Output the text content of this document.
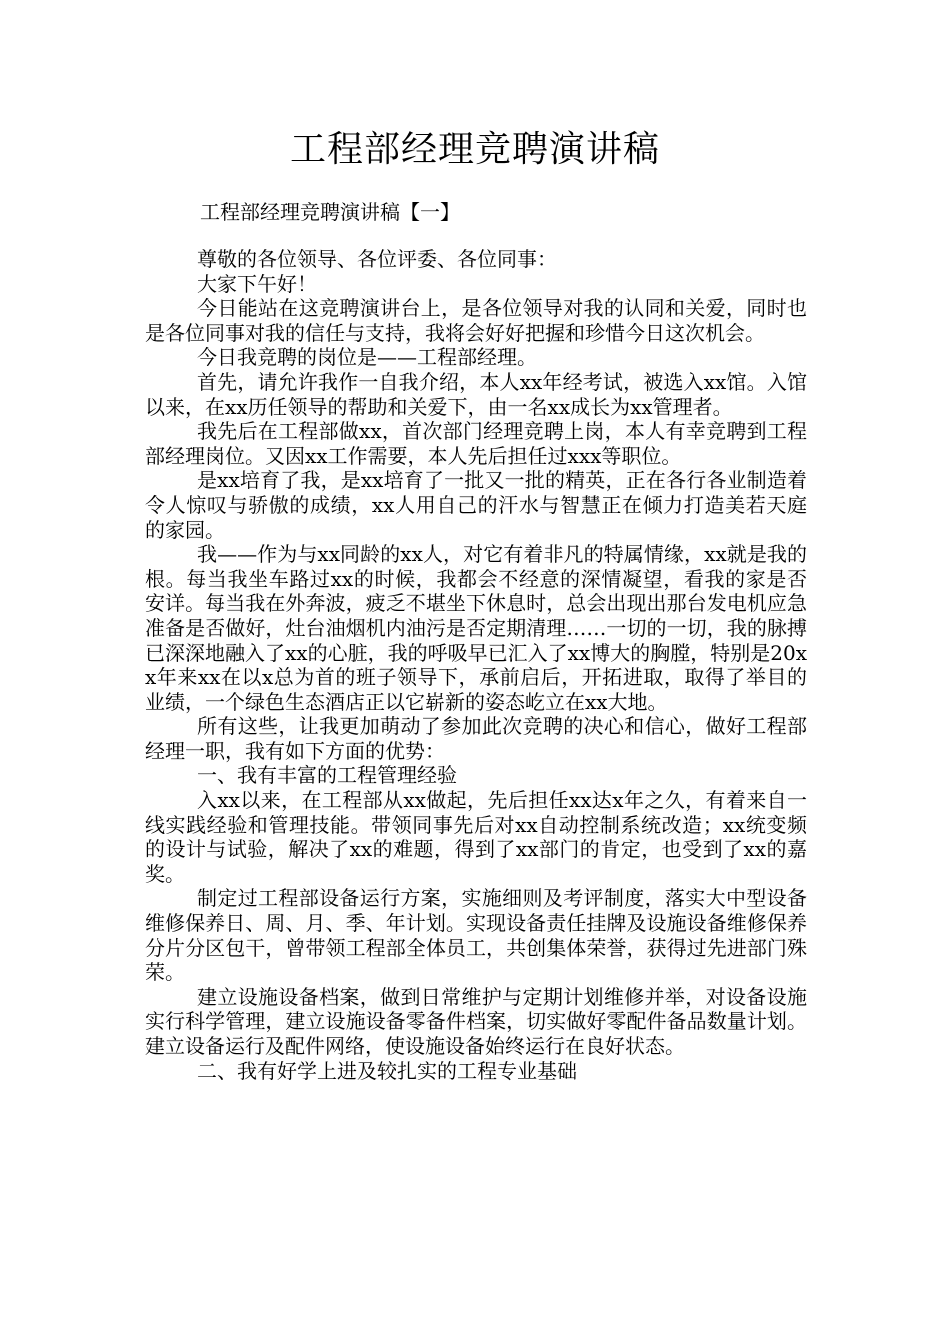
工程部经理竞聘演讲稿
工程部经理竞聘演讲稿【一】

尊敬的各位领导、各位评委、各位同事：

大家下午好！

今日能站在这竞聘演讲台上，是各位领导对我的认同和关爱，同时也是各位同事对我的信任与支持，我将会好好把握和珍惜今日这次机会。

今日我竞聘的岗位是——工程部经理。

首先，请允许我作一自我介绍，本人xx年经考试，被选入xx馆。入馆以来，在xx历任领导的帮助和关爱下，由一名xx成长为xx管理者。

我先后在工程部做xx，首次部门经理竞聘上岗，本人有幸竞聘到工程部经理岗位。又因xx工作需要，本人先后担任过xxx等职位。

是xx培育了我，是xx培育了一批又一批的精英，正在各行各业制造着令人惊叹与骄傲的成绩，xx人用自己的汗水与智慧正在倾力打造美若天庭的家园。

我——作为与xx同龄的xx人，对它有着非凡的特属情缘，xx就是我的根。每当我坐车路过xx的时候，我都会不经意的深情凝望，看我的家是否安详。每当我在外奔波，疲乏不堪坐下休息时，总会出现出那台发电机应急准备是否做好，灶台油烟机内油污是否定期清理……一切的一切，我的脉搏已深深地融入了xx的心脏，我的呼吸早已汇入了xx博大的胸膛，特别是20xx年来xx在以x总为首的班子领导下，承前启后，开拓进取，取得了举目的业绩，一个绿色生态酒店正以它崭新的姿态屹立在xx大地。

所有这些，让我更加萌动了参加此次竞聘的决心和信心，做好工程部经理一职，我有如下方面的优势：

一、我有丰富的工程管理经验

入xx以来，在工程部从xx做起，先后担任xx达x年之久，有着来自一线实践经验和管理技能。带领同事先后对xx自动控制系统改造；xx统变频的设计与试验，解决了xx的难题，得到了xx部门的肯定，也受到了xx的嘉奖。

制定过工程部设备运行方案，实施细则及考评制度，落实大中型设备维修保养日、周、月、季、年计划。实现设备责任挂牌及设施设备维修保养分片分区包干，曾带领工程部全体员工，共创集体荣誉，获得过先进部门殊荣。

建立设施设备档案，做到日常维护与定期计划维修并举，对设备设施实行科学管理，建立设施设备零备件档案，切实做好零配件备品数量计划。建立设备运行及配件网络，使设施设备始终运行在良好状态。

二、我有好学上进及较扎实的工程专业基础
